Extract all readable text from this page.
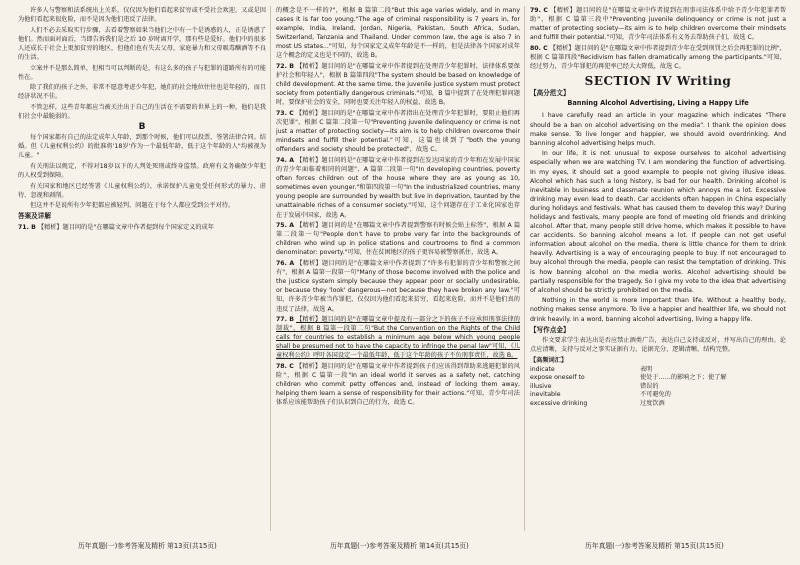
许多人与警察和法系统出上关系，仅仅因为他们看起来贫穷或不受社会欢迎，又或是因为他们看起来很危险，而不是因为他们违反了法律。

人们不必去采取实行步骤，去看着警察如果当他们之中有一个是诱惑的人，正是诱惑了他们。然而面对面后，当即告诉我们是之后 10 岁时离开学，那有些是爱好。他们中的很多人还成长于社会上更加贫穷的地区，但他们也有失去父母，家庭暴力和父母吸毒酗酒等不良的生活。

立案并不是那么简单，但相当可以判断的是，有这么多的孩子与犯罪的道路所有的可能性在。

除了我们的孩子之外，非常不愿意考虑少年犯，她们的社会地位往往也是年轻的，而且经济状况不佳。

不管怎样，这些青年都应当被关注出于自己的生活在不需要的世界上的一种，他们是我们社会中最脆弱的。

B

每个国家都有自己的法定成年人年龄，到那个时候，他们可以投票、签署法律合同。结婚。但《儿童权利公约》的批准将'18岁'作为一个最低年龄，低于这个年龄的人"均被视为儿童。"

有关刑法以规定，不得对18岁以下的人判处死刑或终身监禁。政府有义务确保少年犯的人权受到保障。

有关国家和地区已经签署《儿童权利公约》，承诺保护儿童免受任何形式的暴力、虐待、忽视和剥削。

但这并不是说所有少年犯都应被轻判，问题在于每个人都应受到公平对待。

答案及详解
71. B 【精析】题目问的是"在哪篇文章中作者提到每个国家定义的成年
的概念是不一样的?"，根据 B 篇第二段"But this age varies widely, and in many cases it is far too young."The age of criminal responsibility is 7 years in, for example, India, Ireland, Jordan, Nigeria, Pakistan, South Africa, Sudan, Switzerland, Tanzania and Thailand. Under common law, the age is also 7 in most US states..."可知，每个国家定义成年年龄是不一样的，但是法律各个国家对成年这个概念的定义也是不同的，故选 B。
72. B 【精析】题目问的是"在哪篇文章中作者提到在处理青少年犯罪时，法律体系要保护社会和年轻人"，根据 B 篇第四段"The system should be based on knowledge of child development. At the same time, the juvenile justice system must protect society from potentially dangerous criminals."可知，B 篇中提到了在处理犯罪问题时，要保护社会的安全，同时也要关注年轻人的权益，故选 B。
73. C 【精析】题目问的是"在哪篇文章中作者指出在处理青少年犯罪时，要阻止他们再次犯罪"，根据 C 篇第二段第一句"Preventing juvenile delinquency or crime is not just a matter of protecting society—its aim is to help children overcome their mindsets and fulfill their potential."可知，这篇也谈到了"both the young offenders and society should be protected"，故选 C。
74. A 【精析】题目问的是"在哪篇文章中作者提到在发达国家的青少年和在发展中国家的青少年面临着相同的问题"，A 篇第二段第一句"In developing countries, poverty often forces children out of the house where they are as young as 10, sometimes even younger."和第四段第一句"In the industrialized countries, many young people are surrounded by wealth but live in deprivation, taunted by the unattainable riches of a consumer society."可知，这个问题存在于工业化国家也存在于发展中国家，故选 A。
75. A 【精析】题目问的是"在哪篇文章中作者提到警察有时候会贴上标签"，根据 A 篇第二段第一句"People don't have to probe very far into the backgrounds of children who wind up in police stations and courtrooms to find a common denominator: poverty."可知，住在贫困地区的孩子更容易被警察抓住，故选 A。
76. A 【精析】题目问的是"在哪篇文章中作者提到了"许多有犯罪的青少年和警察之间有"，根据 A 篇第一段第一句"Many of those become involved with the police and the justice system simply because they appear poor or socially undesirable, or because they 'look' dangerous—not because they have broken any law."可知，许多青少年被当作罪犯，仅仅因为他们看起来贫穷，看起来危险，而并不是他们真的违反了法律，故选 A。
77. B 【精析】题目问的是"在哪篇文章中提及有一部分之下的孩子不应承担刑事法律的制裁"，根据 B 篇第一段第二句"But the Convention on the Rights of the Child calls for countries to establish a minimum age below which young people shall be presumed not to have the capacity to infringe the penal law"可知，《儿童权利公约》呼吁各国设定一个最低年龄，低于这个年龄的孩子不负刑事责任，故选 B。
78. C 【精析】题目问的是"在哪篇文章中作者提到孩子们应该得到帮助来逃避犯罪的风险"，根据 C 篇第一段"In an ideal world it serves as a safety net, catching children who commit petty offences and, instead of locking them away, helping them learn a sense of responsibility for their actions."可知，青少年司法体系应该能帮助孩子们认识到自己的行为，故选 C。
79. C 【精析】题目问的是"在哪篇文章中作者提到在刑事司法体系中给予青少年犯罪者帮助"，根据 C 篇第三段中"Preventing juvenile delinquency or crime is not just a matter of protecting society—its aim is to help children overcome their mindsets and fulfill their potential."可知，青少年司法体系有义务去帮助孩子们，故选 C。
80. C 【精析】题目问的是"在哪篇文章中作者提到青少年在受到刑罚之后会再犯罪的比例"，根据 C 篇第四段"Recidivism has fallen dramatically among the participants."可知，经过努力，青少年罪犯的再犯率已经大大降低，故选 C。
SECTION IV Writing
【高分范文】
Banning Alcohol Advertising, Living a Happy Life

I have carefully read an article in your magazine which indicates "There should be a ban on alcohol advertising on the media". I thank the opinion does make sense. To live longer and happier, we should avoid overdrinking. And banning alcohol advertising helps much.

In our life, it is not unusual to expose ourselves to alcohol advertising especially when we are watching TV. I am wondering the function of advertising. In my eyes, it should set a good example to people not giving illusive ideas. Alcohol which has such a long history, is bad for our health. Drinking alcohol is inevitable in business and classmate reunion which annoys me a lot. Excessive drinking may even lead to death. Car accidents often happen in China especially during holidays and festivals. What has caused them to develop this way? During holidays and festivals, many people are fond of meeting old friends and drinking alcohol. After that, many people still drive home, which makes it possible to have car accidents. So banning alcohol means a lot. If people can not get useful information about alcohol on the media, there is little chance for them to drink heavily. Advertising is a way of encouraging people to buy. If not encouraged to buy alcohol through the media, people can resist the temptation of drinking. This is how banning alcohol on the media works. Alcohol advertising should be partially responsible for the tragedy. So I give my vote to the idea that advertising of alcohol should be strictly prohibited on the media.

Nothing in the world is more important than life. Without a healthy body, nothing makes sense anymore. To live a happier and healthier life, we should not drink heavily. In a word, banning alcohol advertising, living a happy life.

【写作点金】

作文要求学生表达出是否应禁止酒类广告，表达自己支持或反对，并写出自己的理由。论点应清晰，支持与反对之事实证据有力，论据充分，逻辑清晰，结构完整。

【高频词汇】
indicate	表明
expose oneself to	使处于……的影响之下；使了解
illusive	错误的
inevitable	不可避免的
excessive drinking	过度饮酒
历年真题(一)参考答案及精析 第13页(共15页)	历年真题(一)参考答案及精析 第14页(共15页)	历年真题(一)参考答案及精析 第15页(共15页)
